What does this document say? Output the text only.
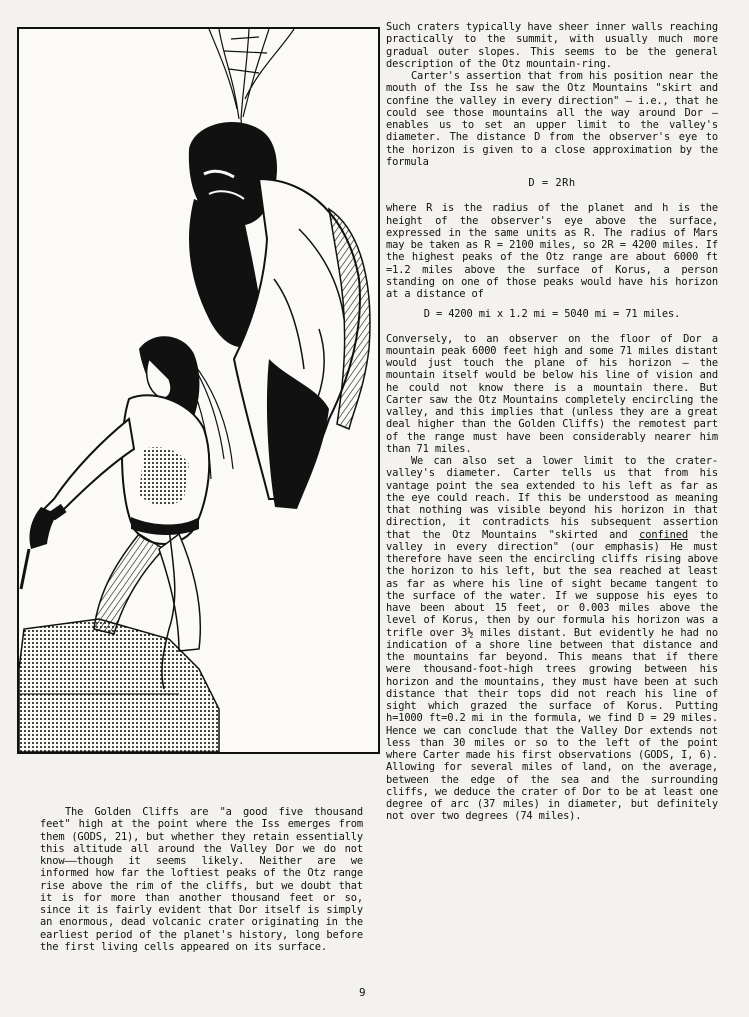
The Golden Cliffs are "a good five thousand feet" high at the point where the Iss emerges from them (GODS, 21), but whether they retain essentially this altitude all around the Valley Dor we do not know——though it seems likely. Neither are we informed how far the loftiest peaks of the Otz range rise above the rim of the cliffs, but we doubt that it is for more than another thousand feet or so, since it is fairly evident that Dor itself is simply an enormous, dead volcanic crater originating in the earliest period of the planet's history, long before the first living cells appeared on its surface.

Such craters typically have sheer inner walls reaching practically to the summit, with usually much more gradual outer slopes. This seems to be the general description of the Otz mountain-ring.

Carter's assertion that from his position near the mouth of the Iss he saw the Otz Mountains "skirt and confine the valley in every direction" — i.e., that he could see those mountains all the way around Dor — enables us to set an upper limit to the valley's diameter. The distance D from the observer's eye to the horizon is given to a close approximation by the formula

D = 2Rh

where R is the radius of the planet and h is the height of the observer's eye above the surface, expressed in the same units as R. The radius of Mars may be taken as R = 2100 miles, so 2R = 4200 miles. If the highest peaks of the Otz range are about 6000 ft =1.2 miles above the surface of Korus, a person standing on one of those peaks would have his horizon at a distance of

D = 4200 mi x 1.2 mi = 5040 mi = 71 miles.

Conversely, to an observer on the floor of Dor a mountain peak 6000 feet high and some 71 miles distant would just touch the plane of his horizon — the mountain itself would be below his line of vision and he could not know there is a mountain there. But Carter saw the Otz Mountains completely encircling the valley, and this implies that (unless they are a great deal higher than the Golden Cliffs) the remotest part of the range must have been considerably nearer him than 71 miles.

We can also set a lower limit to the crater-valley's diameter. Carter tells us that from his vantage point the sea extended to his left as far as the eye could reach. If this be understood as meaning that nothing was visible beyond his horizon in that direction, it contradicts his subsequent assertion that the Otz Mountains "skirted and confined the valley in every direction" (our emphasis) He must therefore have seen the encircling cliffs rising above the horizon to his left, but the sea reached at least as far as where his line of sight became tangent to the surface of the water. If we suppose his eyes to have been about 15 feet, or 0.003 miles above the level of Korus, then by our formula his horizon was a trifle over 3½ miles distant. But evidently he had no indication of a shore line between that distance and the mountains far beyond. This means that if there were thousand-foot-high trees growing between his horizon and the mountains, they must have been at such distance that their tops did not reach his line of sight which grazed the surface of Korus. Putting h=1000 ft=0.2 mi in the formula, we find D = 29 miles. Hence we can conclude that the Valley Dor extends not less than 30 miles or so to the left of the point where Carter made his first observations (GODS, I, 6). Allowing for several miles of land, on the average, between the edge of the sea and the surrounding cliffs, we deduce the crater of Dor to be at least one degree of arc (37 miles) in diameter, but definitely not over two degrees (74 miles).

9
